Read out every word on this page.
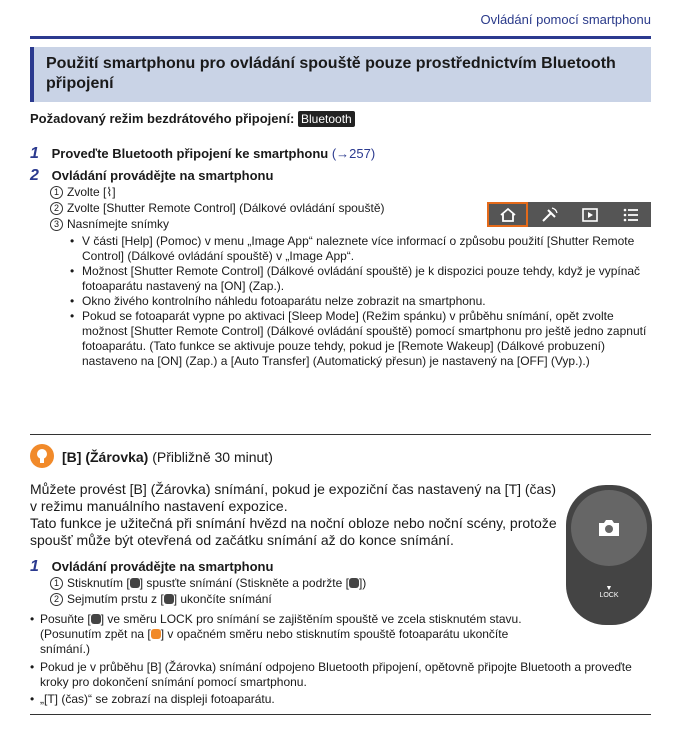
Ovládání pomocí smartphonu
Použití smartphonu pro ovládání spouště pouze prostřednictvím Bluetooth připojení
Požadovaný režim bezdrátového připojení: Bluetooth
1 Proveďte Bluetooth připojení ke smartphonu (→257)
2 Ovládání provádějte na smartphonu
1 Zvolte [⌇]
2 Zvolte [Shutter Remote Control] (Dálkové ovládání spouště)
3 Nasnímejte snímky
• V části [Help] (Pomoc) v menu „Image App“ naleznete více informací o způsobu použití [Shutter Remote Control] (Dálkové ovládání spouště) v „Image App“.
• Možnost [Shutter Remote Control] (Dálkové ovládání spouště) je k dispozici pouze tehdy, když je vypínač fotoaparátu nastavený na [ON] (Zap.).
• Okno živého kontrolního náhledu fotoaparátu nelze zobrazit na smartphonu.
• Pokud se fotoaparát vypne po aktivaci [Sleep Mode] (Režim spánku) v průběhu snímání, opět zvolte možnost [Shutter Remote Control] (Dálkové ovládání spouště) pomocí smartphonu pro ještě jedno zapnutí fotoaparátu. (Tato funkce se aktivuje pouze tehdy, pokud je [Remote Wakeup] (Dálkové probuzení) nastaveno na [ON] (Zap.) a [Auto Transfer] (Automatický přesun) je nastavený na [OFF] (Vyp.).)
[B] (Žárovka) (Přibližně 30 minut)
Můžete provést [B] (Žárovka) snímání, pokud je expoziční čas nastavený na [T] (čas) v režimu manuálního nastavení expozice.
Tato funkce je užitečná při snímání hvězd na noční obloze nebo noční scény, protože spoušť může být otevřená od začátku snímání až do konce snímání.
▼
LOCK
1 Ovládání provádějte na smartphonu
1 Stisknutím [ ] spusťte snímání (Stiskněte a podržte [ ])
2 Sejmutím prstu z [ ] ukončíte snímání
• Posuňte [ ] ve směru LOCK pro snímání se zajištěním spouště ve zcela stisknutém stavu. (Posunutím zpět na [ ] v opačném směru nebo stisknutím spouště fotoaparátu ukončíte snímání.)
• Pokud je v průběhu [B] (Žárovka) snímání odpojeno Bluetooth připojení, opětovně připojte Bluetooth a proveďte kroky pro dokončení snímání pomocí smartphonu.
• „[T] (čas)“ se zobrazí na displeji fotoaparátu.
